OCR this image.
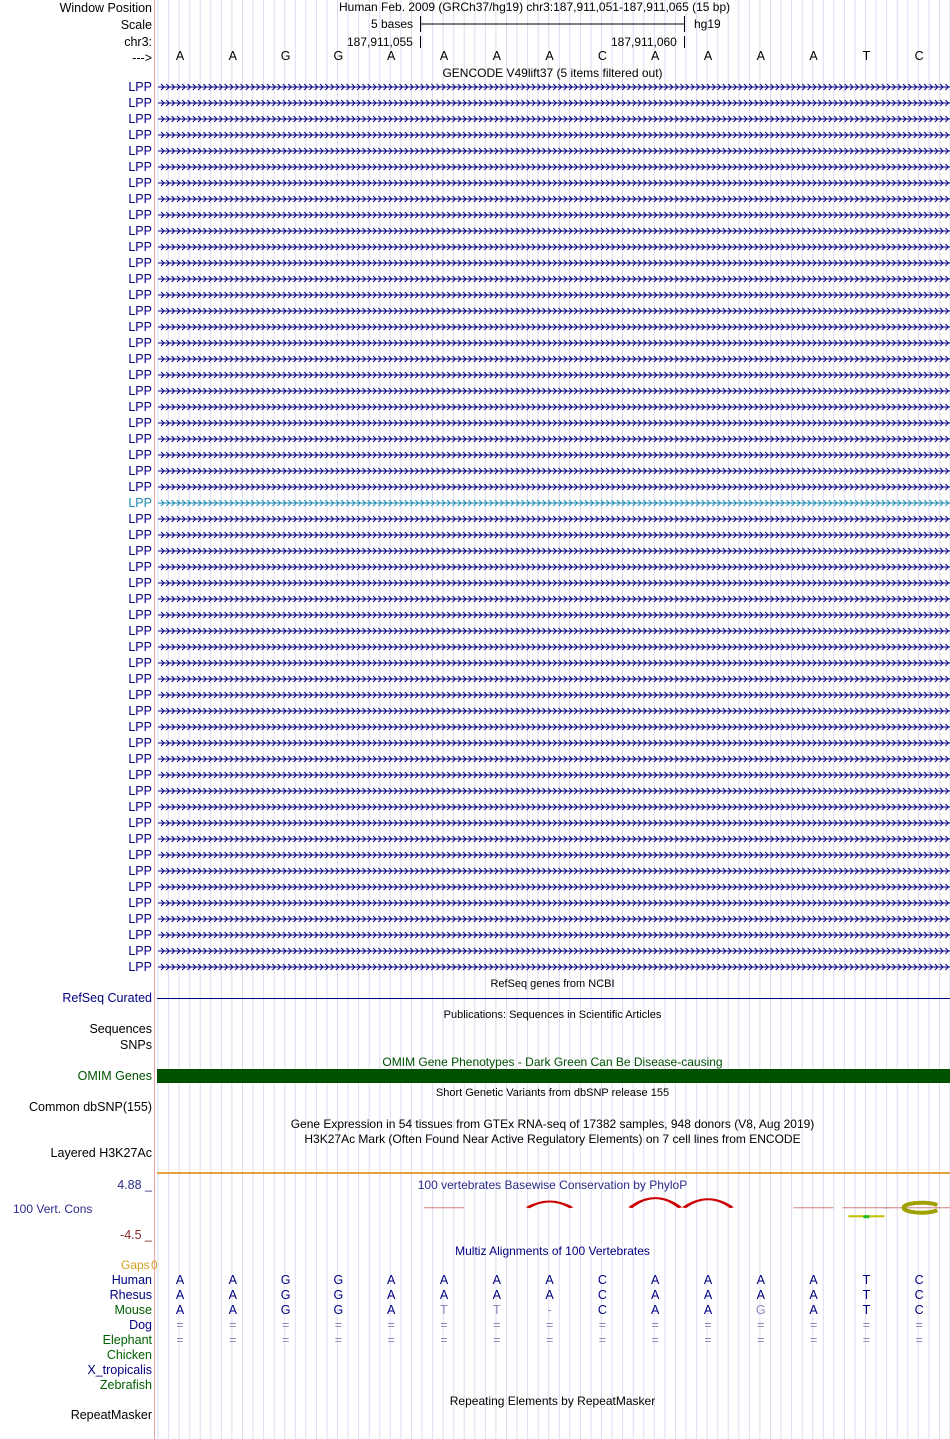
Window Position
Scale
chr3:
--->
Human Feb. 2009 (GRCh37/hg19) chr3:187,911,051-187,911,065 (15 bp)
5 bases	hg19
187,911,055	187,911,060
GENCODE V49lift37 (5 items filtered out)
RefSeq genes from NCBI
RefSeq Curated
Publications: Sequences in Scientific Articles
Sequences
SNPs
OMIM Gene Phenotypes - Dark Green Can Be Disease-causing
OMIM Genes
Short Genetic Variants from dbSNP release 155
Common dbSNP(155)
Gene Expression in 54 tissues from GTEx RNA-seq of 17382 samples, 948 donors (V8, Aug 2019)
H3K27Ac Mark (Often Found Near Active Regulatory Elements) on 7 cell lines from ENCODE
Layered H3K27Ac
100 vertebrates Basewise Conservation by PhyloP
4.88 _
100 Vert. Cons
-4.5 _
Multiz Alignments of 100 Vertebrates
Gaps 0
Repeating Elements by RepeatMasker
RepeatMasker
A	A	G	G	A	A	A	A	C	A	A	A	A	T	C
LPP
LPP
LPP
LPP
LPP
LPP
LPP
LPP
LPP
LPP
LPP
LPP
LPP
LPP
LPP
LPP
LPP
LPP
LPP
LPP
LPP
LPP
LPP
LPP
LPP
LPP
LPP
LPP
LPP
LPP
LPP
LPP
LPP
LPP
LPP
LPP
LPP
LPP
LPP
LPP
LPP
LPP
LPP
LPP
LPP
LPP
LPP
LPP
LPP
LPP
LPP
LPP
LPP
LPP
LPP
LPP
Human	A	A	G	G	A	A	A	A	C	A	A	A	A	T	C
Rhesus	A	A	G	G	A	A	A	A	C	A	A	A	A	T	C
Mouse	A	A	G	G	A	T	T	-	C	A	A	G	A	T	C
Dog	=	=	=	=	=	=	=	=	=	=	=	=	=	=	=
Elephant	=	=	=	=	=	=	=	=	=	=	=	=	=	=	=
Chicken
X_tropicalis
Zebrafish
